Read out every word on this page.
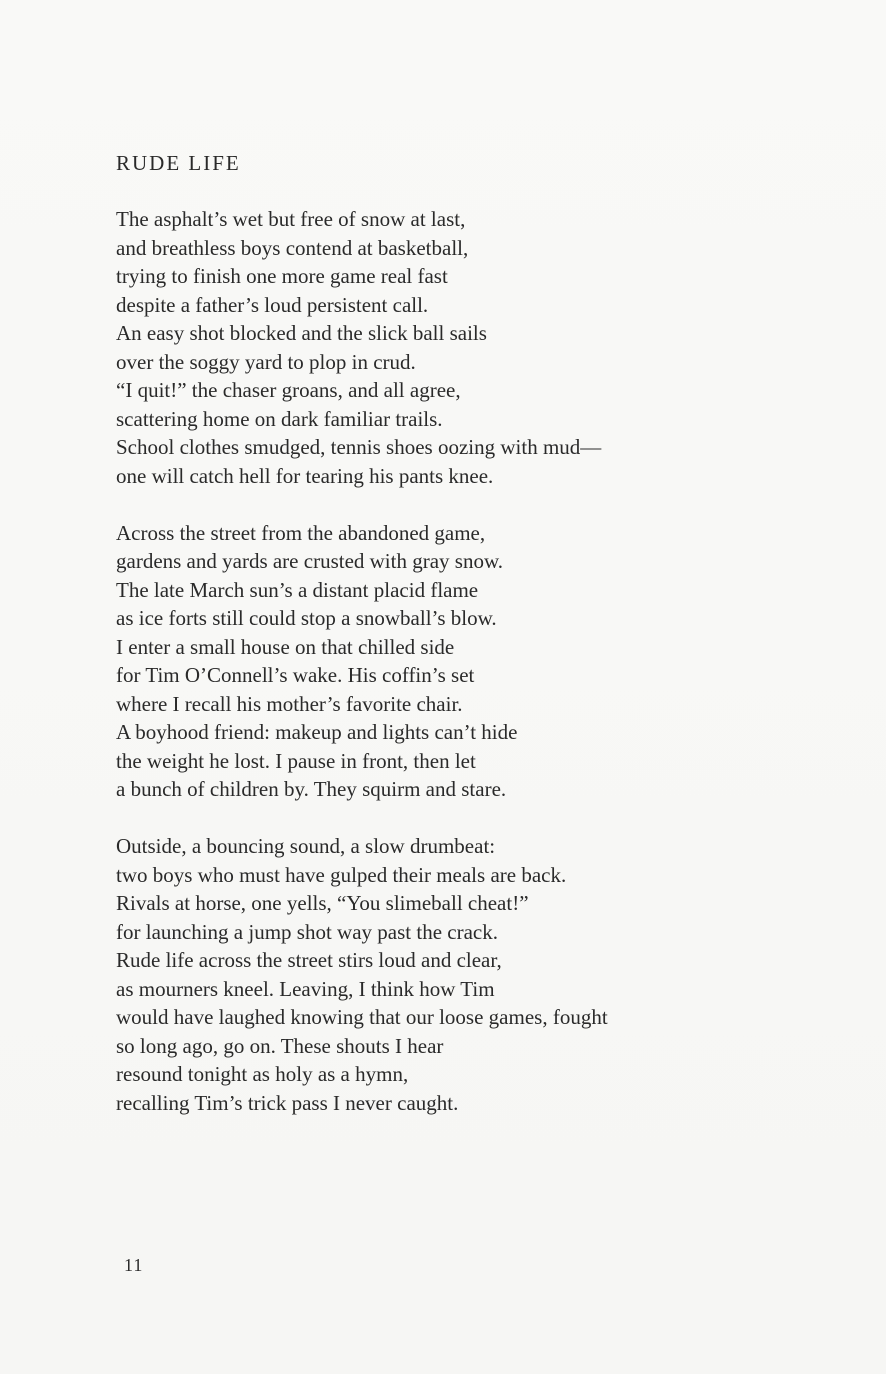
RUDE LIFE
The asphalt’s wet but free of snow at last,
and breathless boys contend at basketball,
trying to finish one more game real fast
despite a father’s loud persistent call.
An easy shot blocked and the slick ball sails
over the soggy yard to plop in crud.
“I quit!” the chaser groans, and all agree,
scattering home on dark familiar trails.
School clothes smudged, tennis shoes oozing with mud—
one will catch hell for tearing his pants knee.
Across the street from the abandoned game,
gardens and yards are crusted with gray snow.
The late March sun’s a distant placid flame
as ice forts still could stop a snowball’s blow.
I enter a small house on that chilled side
for Tim O’Connell’s wake. His coffin’s set
where I recall his mother’s favorite chair.
A boyhood friend: makeup and lights can’t hide
the weight he lost. I pause in front, then let
a bunch of children by. They squirm and stare.
Outside, a bouncing sound, a slow drumbeat:
two boys who must have gulped their meals are back.
Rivals at horse, one yells, “You slimeball cheat!”
for launching a jump shot way past the crack.
Rude life across the street stirs loud and clear,
as mourners kneel. Leaving, I think how Tim
would have laughed knowing that our loose games, fought
so long ago, go on. These shouts I hear
resound tonight as holy as a hymn,
recalling Tim’s trick pass I never caught.
11
